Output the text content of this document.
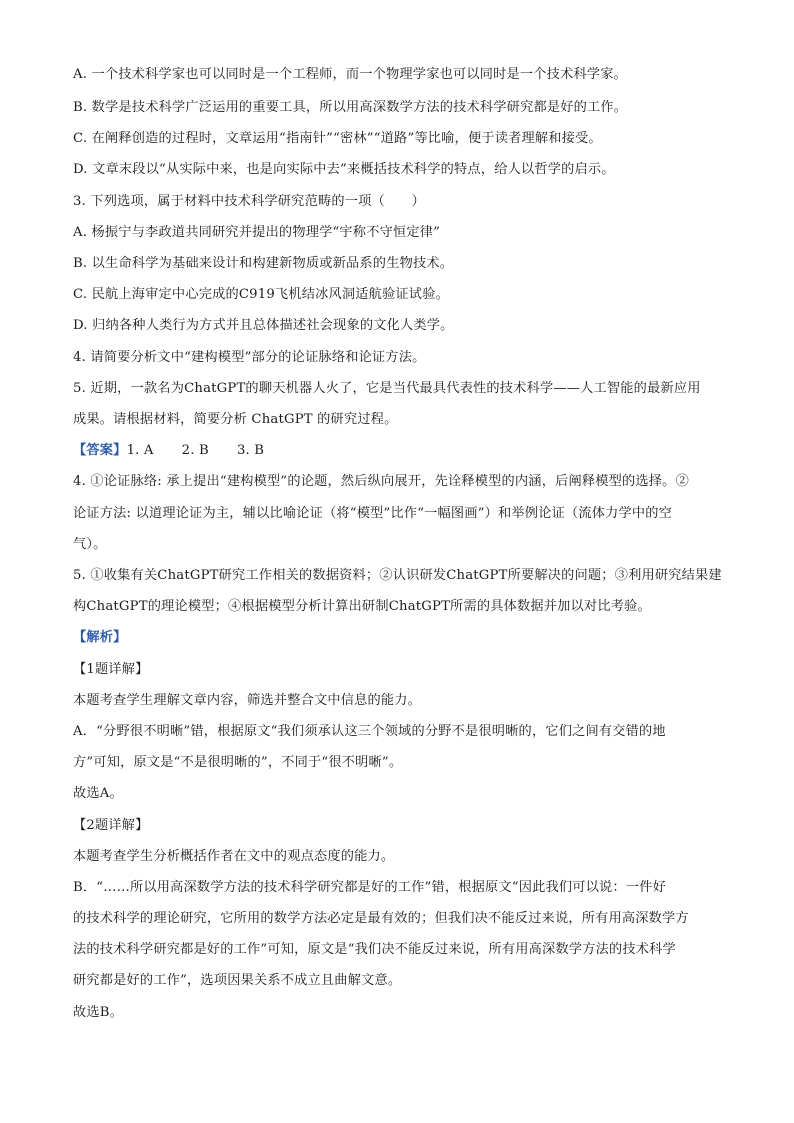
A. 一个技术科学家也可以同时是一个工程师，而一个物理学家也可以同时是一个技术科学家。
B. 数学是技术科学广泛运用的重要工具，所以用高深数学方法的技术科学研究都是好的工作。
C. 在阐释创造的过程时，文章运用“指南针”“密林”“道路”等比喻，便于读者理解和接受。
D. 文章末段以“从实际中来，也是向实际中去”来概括技术科学的特点，给人以哲学的启示。
3. 下列选项，属于材料中技术科学研究范畴的一项（　　）
A. 杨振宁与李政道共同研究并提出的物理学“宇称不守恒定律”
B. 以生命科学为基础来设计和构建新物质或新品系的生物技术。
C. 民航上海审定中心完成的C919飞机结冰风洞适航验证试验。
D. 归纳各种人类行为方式并且总体描述社会现象的文化人类学。
4. 请简要分析文中“建构模型”部分的论证脉络和论证方法。
5. 近期，一款名为ChatGPT的聊天机器人火了，它是当代最具代表性的技术科学——人工智能的最新应用
成果。请根据材料，简要分析 ChatGPT 的研究过程。
【答案】1. A 2. B 3. B
4. ①论证脉络: 承上提出“建构模型”的论题，然后纵向展开，先诠释模型的内涵，后阐释模型的选择。②
论证方法: 以道理论证为主，辅以比喻论证（将“模型”比作“一幅图画”）和举例论证（流体力学中的空
气）。
5. ①收集有关ChatGPT研究工作相关的数据资料；②认识研发ChatGPT所要解决的问题；③利用研究结果建
构ChatGPT的理论模型；④根据模型分析计算出研制ChatGPT所需的具体数据并加以对比考验。
【解析】
【1题详解】
本题考查学生理解文章内容，筛选并整合文中信息的能力。
A．“分野很不明晰”错，根据原文“我们须承认这三个领域的分野不是很明晰的，它们之间有交错的地
方”可知，原文是“不是很明晰的”，不同于“很不明晰”。
故选A。
【2题详解】
本题考查学生分析概括作者在文中的观点态度的能力。
B．“……所以用高深数学方法的技术科学研究都是好的工作”错，根据原文“因此我们可以说：一件好
的技术科学的理论研究，它所用的数学方法必定是最有效的；但我们决不能反过来说，所有用高深数学方
法的技术科学研究都是好的工作”可知，原文是“我们决不能反过来说，所有用高深数学方法的技术科学
研究都是好的工作”，选项因果关系不成立且曲解文意。
故选B。
